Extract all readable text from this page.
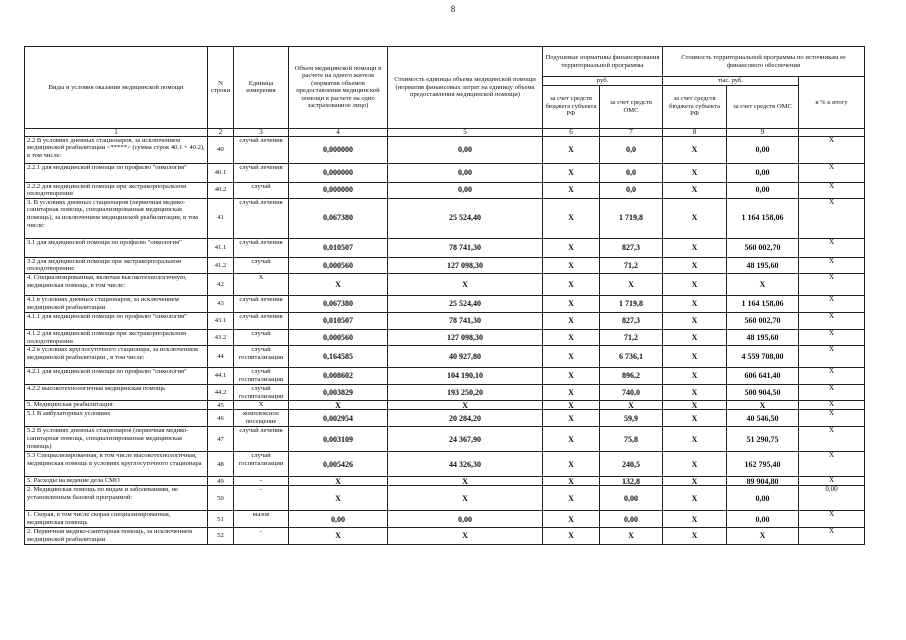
8
Виды и условия оказания медицинской помощи	N строки	Единица измерения	Объем медицинской помощи в расчете на одного жителя (норматив объемов предоставления медицинской помощи в расчете на одно застрахованное лицо)	Стоимость единицы объема медицинской помощи (норматив финансовых затрат на единицу объема предоставления медицинской помощи)	Подушевые нормативы финансирования территориальной программы		Стоимость территориальной программы по источникам ее финансового обеспечения		
					руб.		тыс. руб.		в % к итогу
					за счет средств бюджета субъекта РФ	за счет средств ОМС	за счет средств бюджета субъекта РФ	за счет средств ОМС	
1	2	3	4	5	6	7	8	9	
2.2 В условиях дневных стационаров, за исключением медицинской реабилитации <*****> (сумма строк 40.1 + 40.2), в том числе:	40	случай лечения	0,000000	0,00	Х	0,0	Х	0,00	Х
2.2.1 для медицинской помощи по профилю "онкология"	40.1	случай лечения	0,000000	0,00	Х	0,0	Х	0,00	Х
2.2.2 для медицинской помощи при экстракорпоральном оплодотворении	40.2	случай	0,000000	0,00	Х	0,0	Х	0,00	Х
3. В условиях дневных стационаров (первичная медико-санитарная помощь, специализированная медицинская помощь), за исключением медицинской реабилитации, в том числе:	41	случай лечения	0,067380	25 524,40	Х	1 719,8	Х	1 164 158,06	Х
3.1 для медицинской помощи по профилю "онкология"	41.1	случай лечения	0,010507	78 741,30	Х	827,3	Х	560 002,70	Х
3.2 для медицинской помощи при экстракорпоральном оплодотворении:	41.2	случай	0,000560	127 098,30	Х	71,2	Х	48 195,60	Х
4. Специализированная, включая высокотехнологичную, медицинская помощь, в том числе:	42	Х	Х	Х	Х	Х	Х	Х	Х
4.1 в условиях дневных стационаров, за исключением медицинской реабилитации	43	случай лечения	0,067380	25 524,40	Х	1 719,8	Х	1 164 158,06	Х
4.1.1 для медицинской помощи по профилю "онкология"	43.1	случай лечения	0,010507	78 741,30	Х	827,3	Х	560 002,70	Х
4.1.2 для медицинской помощи при экстракорпоральном оплодотворении	43.2	случай	0,000560	127 098,30	Х	71,2	Х	48 195,60	Х
4.2 в условиях круглосуточного стационара, за исключением медицинской реабилитации , в том числе:	44	случай госпитализации	0,164585	40 927,80	Х	6 736,1	Х	4 559 708,00	Х
4.2.1 для медицинской помощи по профилю "онкология"	44.1	случай госпитализации	0,008602	104 190,10	Х	896,2	Х	606 641,40	Х
4.2.2 высокотехнологичная медицинская помощь	44.2	случай госпитализации	0,003829	193 250,20	Х	740,0	Х	500 904,50	Х
5. Медицинская реабилитация:	45	Х	Х	Х	Х	Х	Х	Х	Х
5.1 В амбулаторных условиях	46	комплексное посещение	0,002954	20 284,20	Х	59,9	Х	40 546,50	Х
5.2 В условиях дневных стационаров (первичная медико-санитарная помощь, специализированная медицинская помощь)	47	случай лечения	0,003109	24 367,90	Х	75,8	Х	51 290,75	Х
5.3 Специализированная, в том числе высокотехнологичная, медицинская помощь в условиях круглосуточного стационара	48	случай госпитализации	0,005426	44 326,30	Х	240,5	Х	162 795,40	Х
5. Расходы на ведение дела СМО	49	-	Х	Х	Х	132,8	Х	89 904,80	Х
2. Медицинская помощь по видам и заболеваниям, не установленным базовой программой:	50	-	Х	Х	Х	0,00	Х	0,00	0,00
1. Скорая, в том числе скорая специализированная, медицинская помощь	51	вызов	0,00	0,00	Х	0,00	Х	0,00	Х
2. Первичная медико-санитарная помощь, за исключением медицинской реабилитации	52	-	Х	Х	Х	Х	Х	Х	Х
